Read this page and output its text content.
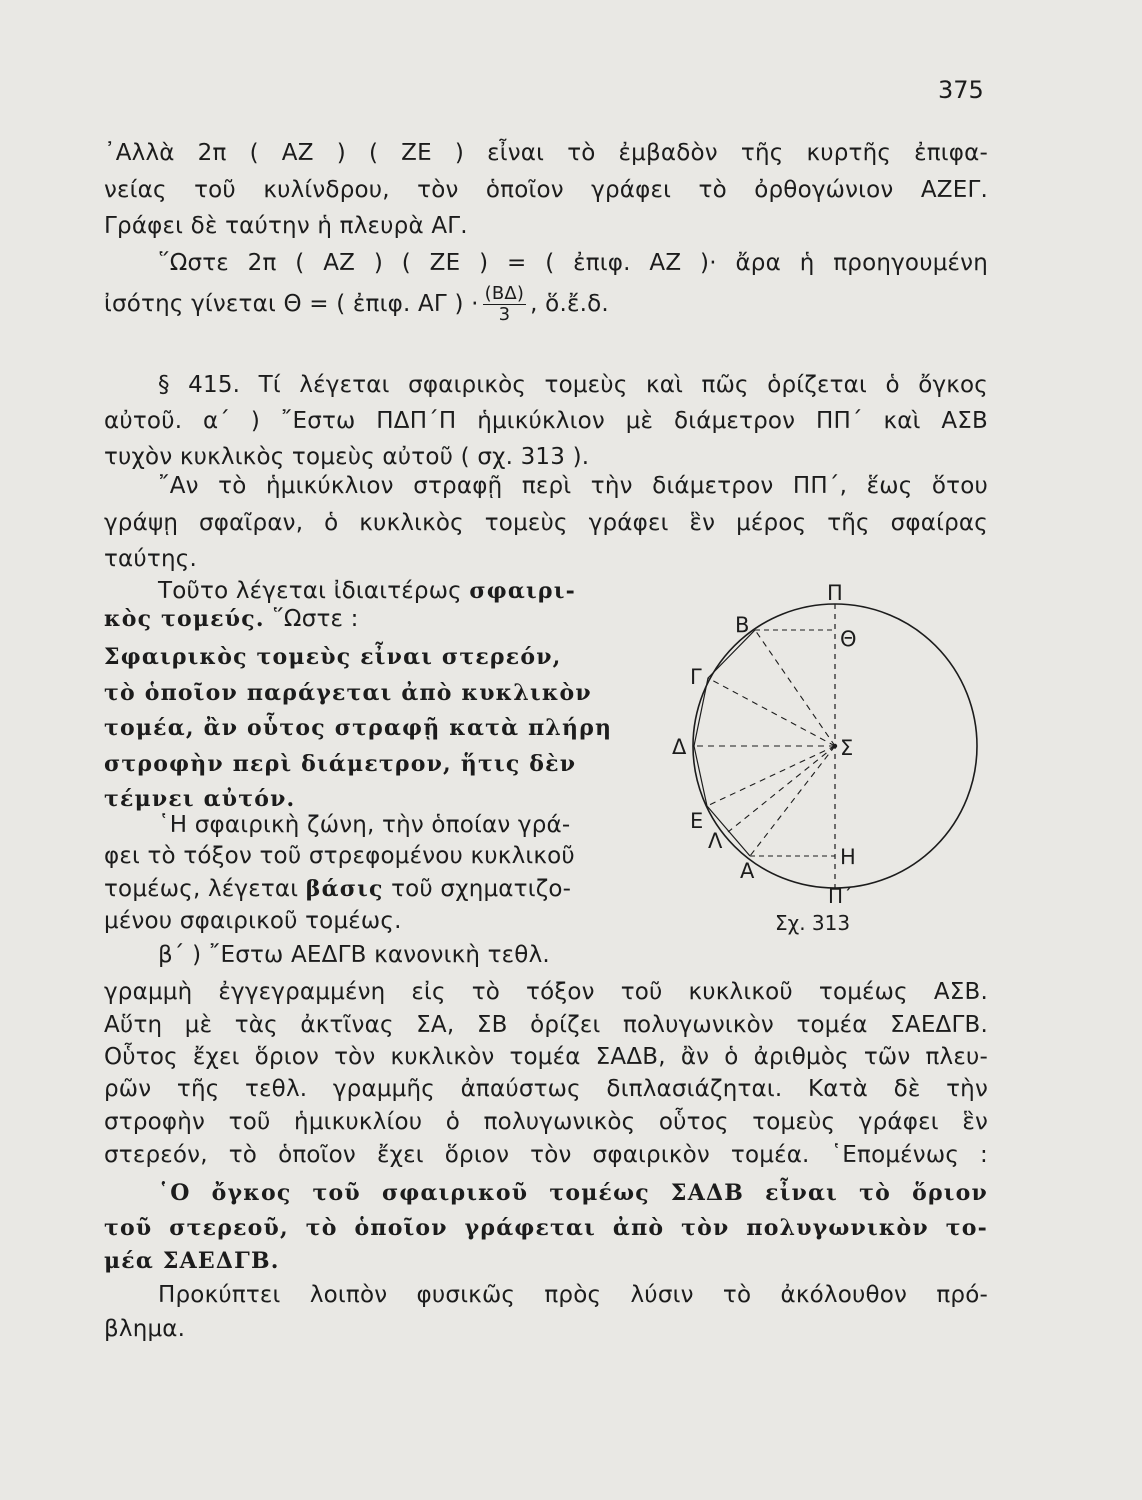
375
᾿Αλλὰ 2π ( ΑΖ ) ( ΖΕ ) εἶναι τὸ ἐμβαδὸν τῆς κυρτῆς ἐπιφα-
νείας τοῦ κυλίνδρου, τὸν ὁποῖον γράφει τὸ ὀρθογώνιον ΑΖΕΓ.
Γράφει δὲ ταύτην ἡ πλευρὰ ΑΓ.
῞Ωστε 2π ( ΑΖ ) ( ΖΕ ) = ( ἐπιφ. ΑΖ )· ἄρα ἡ προηγουμένη
ἰσότης γίνεται Θ = ( ἐπιφ. ΑΓ ) · $\frac{(B\Delta)}{3}$ , ὅ.ἔ.δ.
§ 415. Τί λέγεται σφαιρικὸς τομεὺς καὶ πῶς ὁρίζεται ὁ ὄγκος
αὐτοῦ. α΄ ) ῎Εστω ΠΔΠ΄Π ἡμικύκλιον μὲ διάμετρον ΠΠ΄ καὶ ΑΣΒ
τυχὸν κυκλικὸς τομεὺς αὐτοῦ ( σχ. 313 ).
῎Αν τὸ ἡμικύκλιον στραφῇ περὶ τὴν διάμετρον ΠΠ΄, ἕως ὅτου
γράψῃ σφαῖραν, ὁ κυκλικὸς τομεὺς γράφει ἓν μέρος τῆς σφαίρας
ταύτης.
Τοῦτο λέγεται ἰδιαιτέρως σφαιρι-
κὸς τομεύς. ῞Ωστε :
Σφαιρικὸς τομεὺς εἶναι στερεόν,
τὸ ὁποῖον παράγεται ἀπὸ κυκλικὸν
τομέα, ἂν οὗτος στραφῇ κατὰ πλήρη
στροφὴν περὶ διάμετρον, ἥτις δὲν
τέμνει αὐτόν.
῾Η σφαιρικὴ ζώνη, τὴν ὁποίαν γρά-
φει τὸ τόξον τοῦ στρεφομένου κυκλικοῦ
τομέως, λέγεται βάσις τοῦ σχηματιζο-
μένου σφαιρικοῦ τομέως.
β΄ ) ῎Εστω ΑΕΔΓΒ κανονικὴ τεθλ.
γραμμὴ ἐγγεγραμμένη εἰς τὸ τόξον τοῦ κυκλικοῦ τομέως ΑΣΒ.
Αὕτη μὲ τὰς ἀκτῖνας ΣΑ, ΣΒ ὁρίζει πολυγωνικὸν τομέα ΣΑΕΔΓΒ.
Οὗτος ἔχει ὅριον τὸν κυκλικὸν τομέα ΣΑΔΒ, ἂν ὁ ἀριθμὸς τῶν πλευ-
ρῶν τῆς τεθλ. γραμμῆς ἀπαύστως διπλασιάζηται. Κατὰ δὲ τὴν
στροφὴν τοῦ ἡμικυκλίου ὁ πολυγωνικὸς οὗτος τομεὺς γράφει ἓν
στερεόν, τὸ ὁποῖον ἔχει ὅριον τὸν σφαιρικὸν τομέα. ῾Επομένως :
῾Ο ὄγκος τοῦ σφαιρικοῦ τομέως ΣΑΔΒ εἶναι τὸ ὅριον
τοῦ στερεοῦ, τὸ ὁποῖον γράφεται ἀπὸ τὸν πολυγωνικὸν το-
μέα ΣΑΕΔΓΒ.
Προκύπτει λοιπὸν φυσικῶς πρὸς λύσιν τὸ ἀκόλουθον πρό-
βλημα.
Π
Β
Θ
Γ
Δ	Σ
Ε
Λ
Α
Η
Π΄
Σχ. 313
